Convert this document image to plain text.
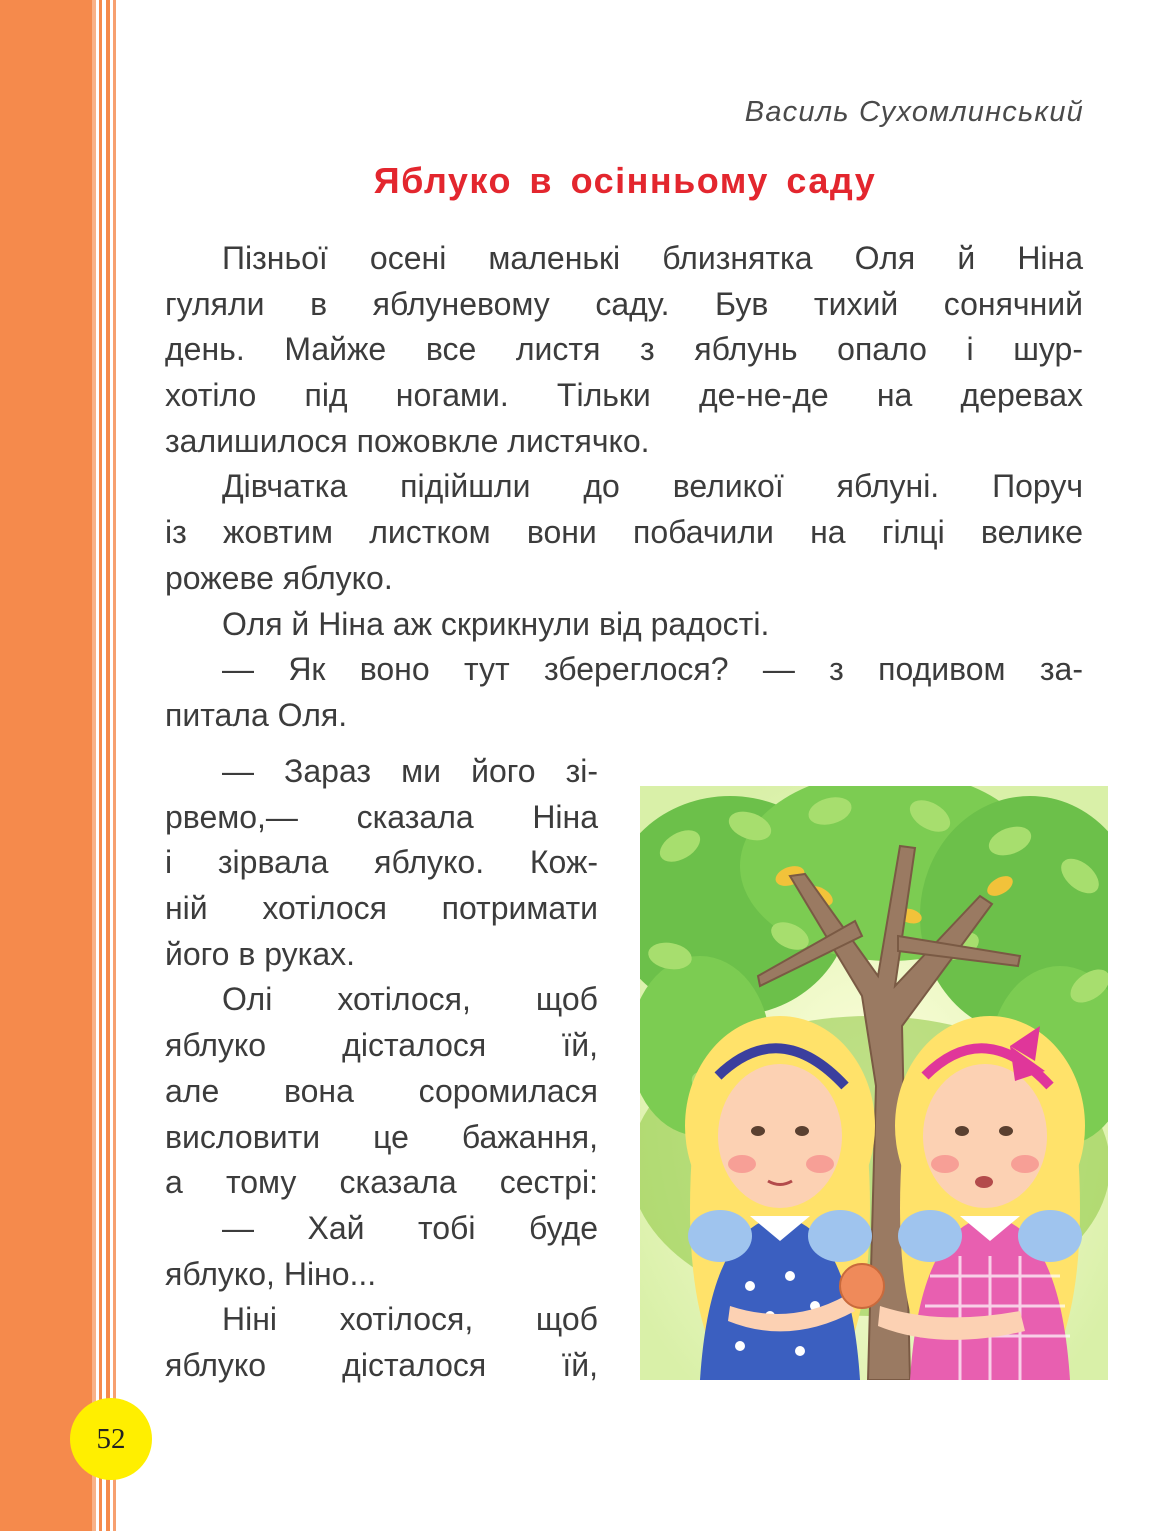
52
Василь Сухомлинський
Яблуко в осінньому саду
Пізньої осені маленькі близнятка Оля й Ніна
гуляли в яблуневому саду. Був тихий сонячний
день. Майже все листя з яблунь опало і шур-
хотіло під ногами. Тільки де-не-де на деревах
залишилося пожовкле листячко.
Дівчатка підійшли до великої яблуні. Поруч
із жовтим листком вони побачили на гілці велике
рожеве яблуко.
Оля й Ніна аж скрикнули від радості.
— Як воно тут збереглося? — з подивом за-
питала Оля.
— Зараз ми його зі-
рвемо,— сказала Ніна
і зірвала яблуко. Кож-
ній хотілося потримати
його в руках.
Олі хотілося, щоб
яблуко дісталося їй,
але вона соромилася
висловити це бажання,
а тому сказала сестрі:
— Хай тобі буде
яблуко, Ніно...
Ніні хотілося, щоб
яблуко дісталося їй,
